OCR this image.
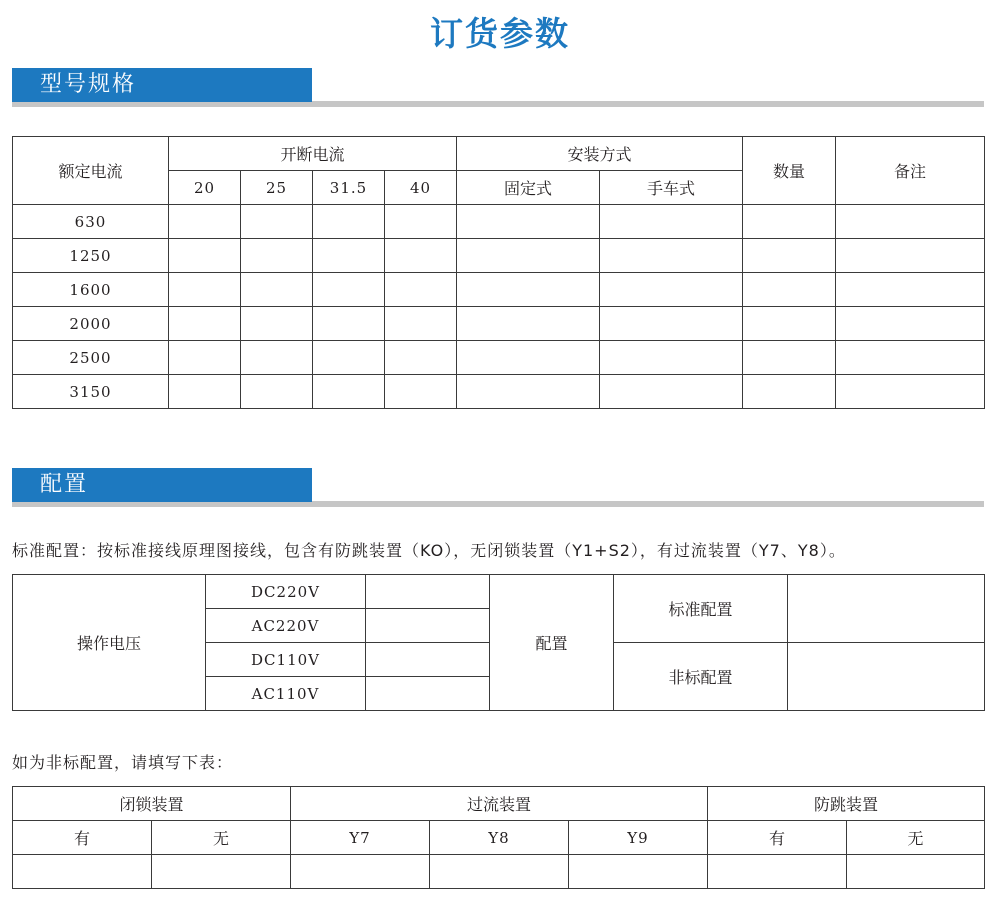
订货参数
型号规格
额定电流	开断电流				安装方式		数量	备注
	20	25	31.5	40	固定式	手车式		
630								
1250								
1600								
2000								
2500								
3150								
配置
标准配置：按标准接线原理图接线，包含有防跳装置（KO），无闭锁装置（Y1+S2），有过流装置（Y7、Y8）。
操作电压	DC220V		配置	标准配置	
	AC220V				
	DC110V			非标配置	
	AC110V				
如为非标配置，请填写下表：
闭锁装置		过流装置			防跳装置	
有	无	Y7	Y8	Y9	有	无
